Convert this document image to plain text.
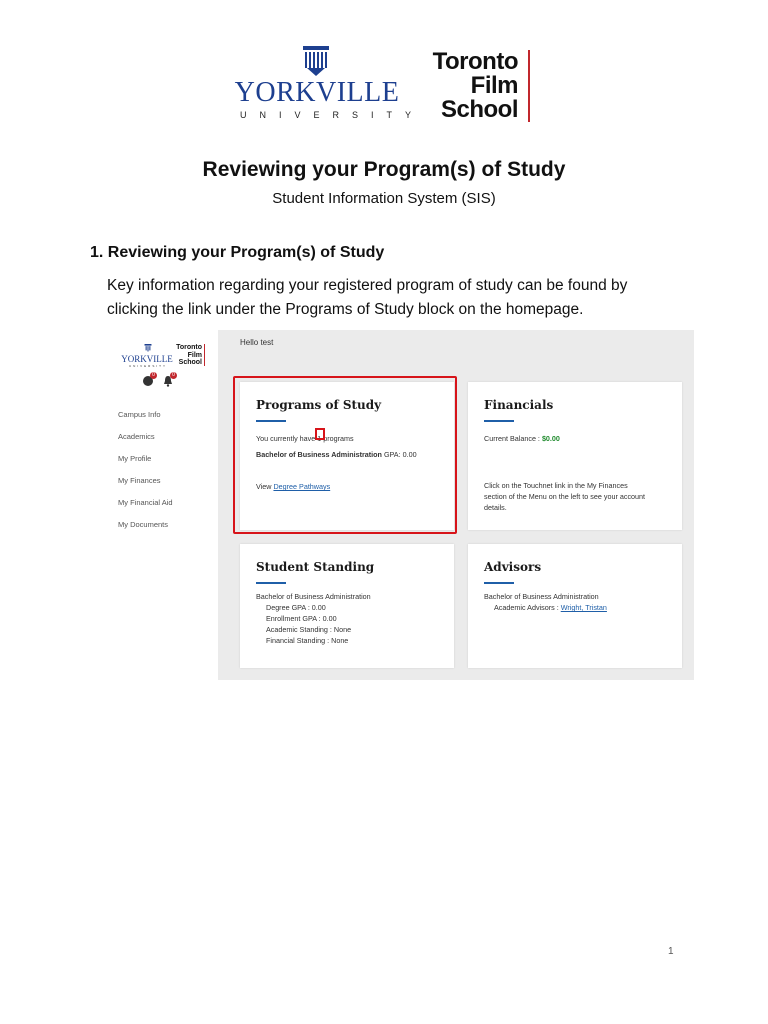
YORKVILLE
UNIVERSITY
Toronto
Film
School
Reviewing your Program(s) of Study
Student Information System (SIS)
1. Reviewing your Program(s) of Study
Key information regarding your registered program of study can be found by
clicking the link under the Programs of Study block on the homepage.
YORKVILLE
UNIVERSITY
Toronto
Film
School
0	0
Campus Info
Academics
My Profile
My Finances
My Financial Aid
My Documents
Hello test
Programs of Study
You currently have 1 programs
Bachelor of Business Administration GPA: 0.00
View Degree Pathways
Financials
Current Balance : $0.00
Click on the Touchnet link in the My Finances
section of the Menu on the left to see your account
details.
Student Standing
Bachelor of Business Administration
Degree GPA : 0.00
Enrollment GPA : 0.00
Academic Standing : None
Financial Standing : None
Advisors
Bachelor of Business Administration
Academic Advisors : Wright, Tristan
1
